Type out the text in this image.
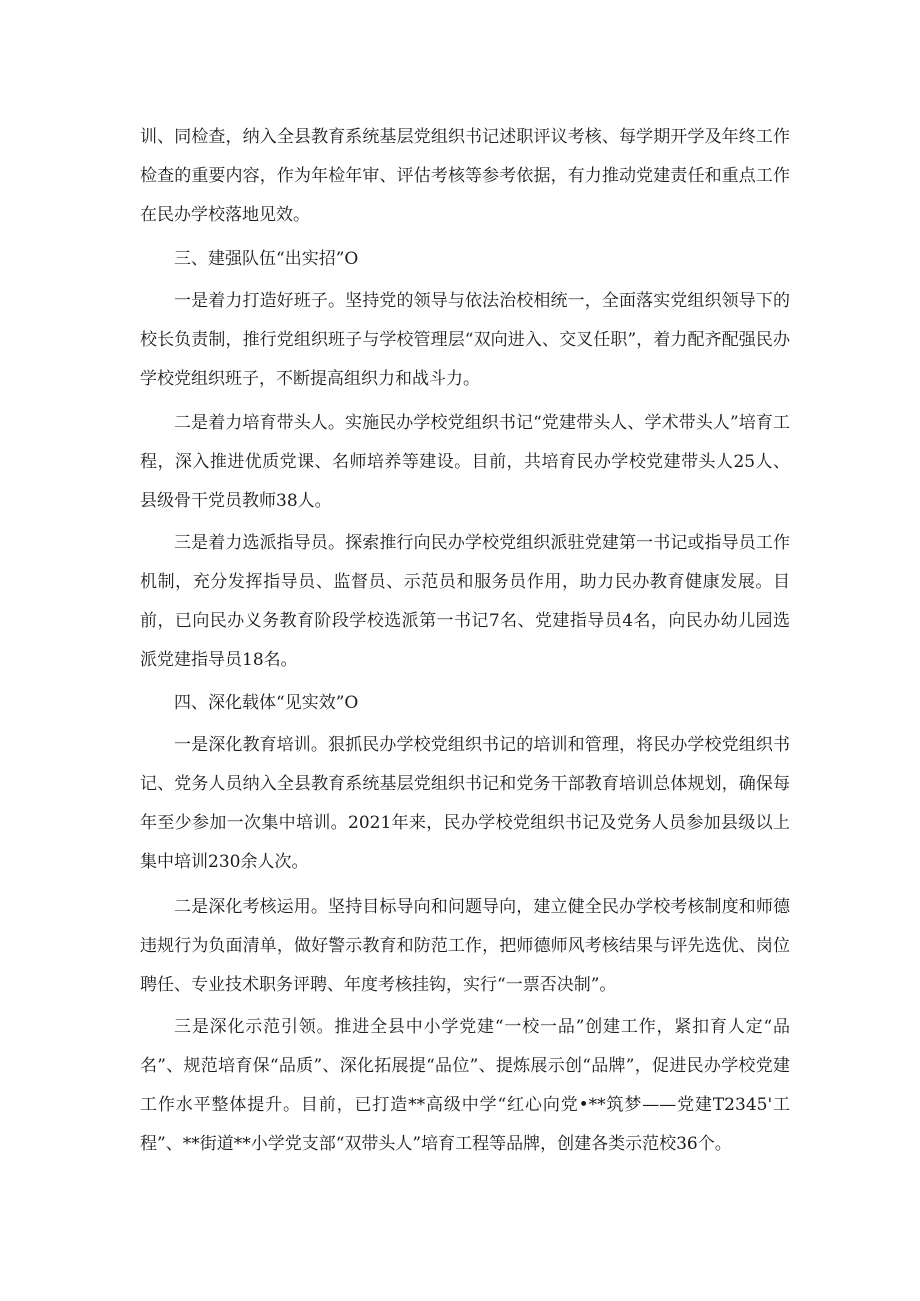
训、同检查，纳入全县教育系统基层党组织书记述职评议考核、每学期开学及年终工作检查的重要内容，作为年检年审、评估考核等参考依据，有力推动党建责任和重点工作在民办学校落地见效。

三、建强队伍“出实招”O

一是着力打造好班子。坚持党的领导与依法治校相统一，全面落实党组织领导下的校长负责制，推行党组织班子与学校管理层“双向进入、交叉任职”，着力配齐配强民办学校党组织班子，不断提高组织力和战斗力。

二是着力培育带头人。实施民办学校党组织书记“党建带头人、学术带头人”培育工程，深入推进优质党课、名师培养等建设。目前，共培育民办学校党建带头人25人、县级骨干党员教师38人。

三是着力选派指导员。探索推行向民办学校党组织派驻党建第一书记或指导员工作机制，充分发挥指导员、监督员、示范员和服务员作用，助力民办教育健康发展。目前，已向民办义务教育阶段学校选派第一书记7名、党建指导员4名，向民办幼儿园选派党建指导员18名。

四、深化载体“见实效”O

一是深化教育培训。狠抓民办学校党组织书记的培训和管理，将民办学校党组织书记、党务人员纳入全县教育系统基层党组织书记和党务干部教育培训总体规划，确保每年至少参加一次集中培训。2021年来，民办学校党组织书记及党务人员参加县级以上集中培训230余人次。

二是深化考核运用。坚持目标导向和问题导向，建立健全民办学校考核制度和师德违规行为负面清单，做好警示教育和防范工作，把师德师风考核结果与评先选优、岗位聘任、专业技术职务评聘、年度考核挂钩，实行“一票否决制”。

三是深化示范引领。推进全县中小学党建“一校一品”创建工作，紧扣育人定“品名”、规范培育保“品质”、深化拓展提“品位”、提炼展示创“品牌”，促进民办学校党建工作水平整体提升。目前，已打造**高级中学“红心向党•**筑梦——党建T2345'工程”、**街道**小学党支部“双带头人”培育工程等品牌，创建各类示范校36个。
